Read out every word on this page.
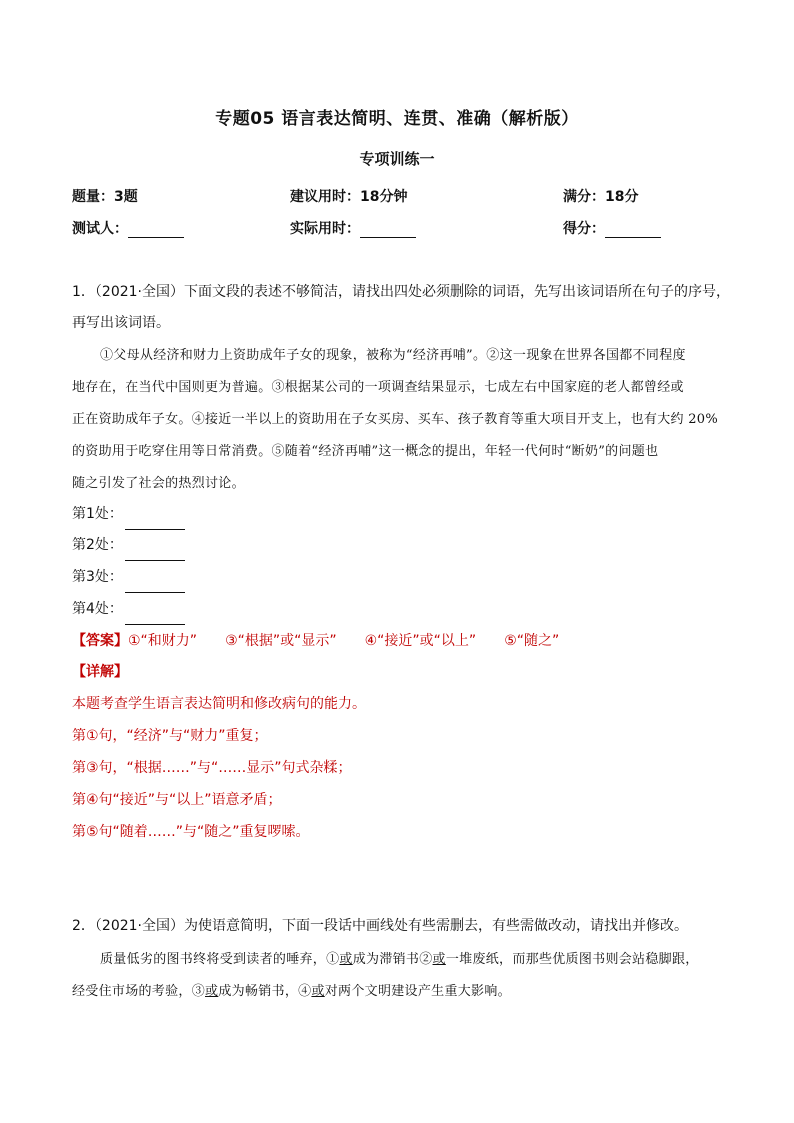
专题05 语言表达简明、连贯、准确（解析版）
专项训练一
题量：3题	建议用时：18分钟	满分：18分
测试人：	实际用时：	得分：
1．（2021·全国）下面文段的表述不够简洁，请找出四处必须删除的词语，先写出该词语所在句子的序号，
再写出该词语。
①父母从经济和财力上资助成年子女的现象，被称为“经济再哺”。②这一现象在世界各国都不同程度
地存在，在当代中国则更为普遍。③根据某公司的一项调查结果显示，七成左右中国家庭的老人都曾经或
正在资助成年子女。④接近一半以上的资助用在子女买房、买车、孩子教育等重大项目开支上，也有大约 20%
的资助用于吃穿住用等日常消费。⑤随着“经济再哺”这一概念的提出，年轻一代何时“断奶”的问题也
随之引发了社会的热烈讨论。
第1处：
第2处：
第3处：
第4处：
【答案】①“和财力” ③“根据”或“显示” ④“接近”或“以上” ⑤“随之”
【详解】
本题考查学生语言表达简明和修改病句的能力。
第①句，“经济”与“财力”重复；
第③句，“根据……”与“……显示”句式杂糅；
第④句“接近”与“以上”语意矛盾；
第⑤句“随着……”与“随之”重复啰嗦。
2．（2021·全国）为使语意简明，下面一段话中画线处有些需删去，有些需做改动，请找出并修改。
质量低劣的图书终将受到读者的唾弃，①或成为滞销书②或一堆废纸，而那些优质图书则会站稳脚跟，
经受住市场的考验，③或成为畅销书，④或对两个文明建设产生重大影响。
